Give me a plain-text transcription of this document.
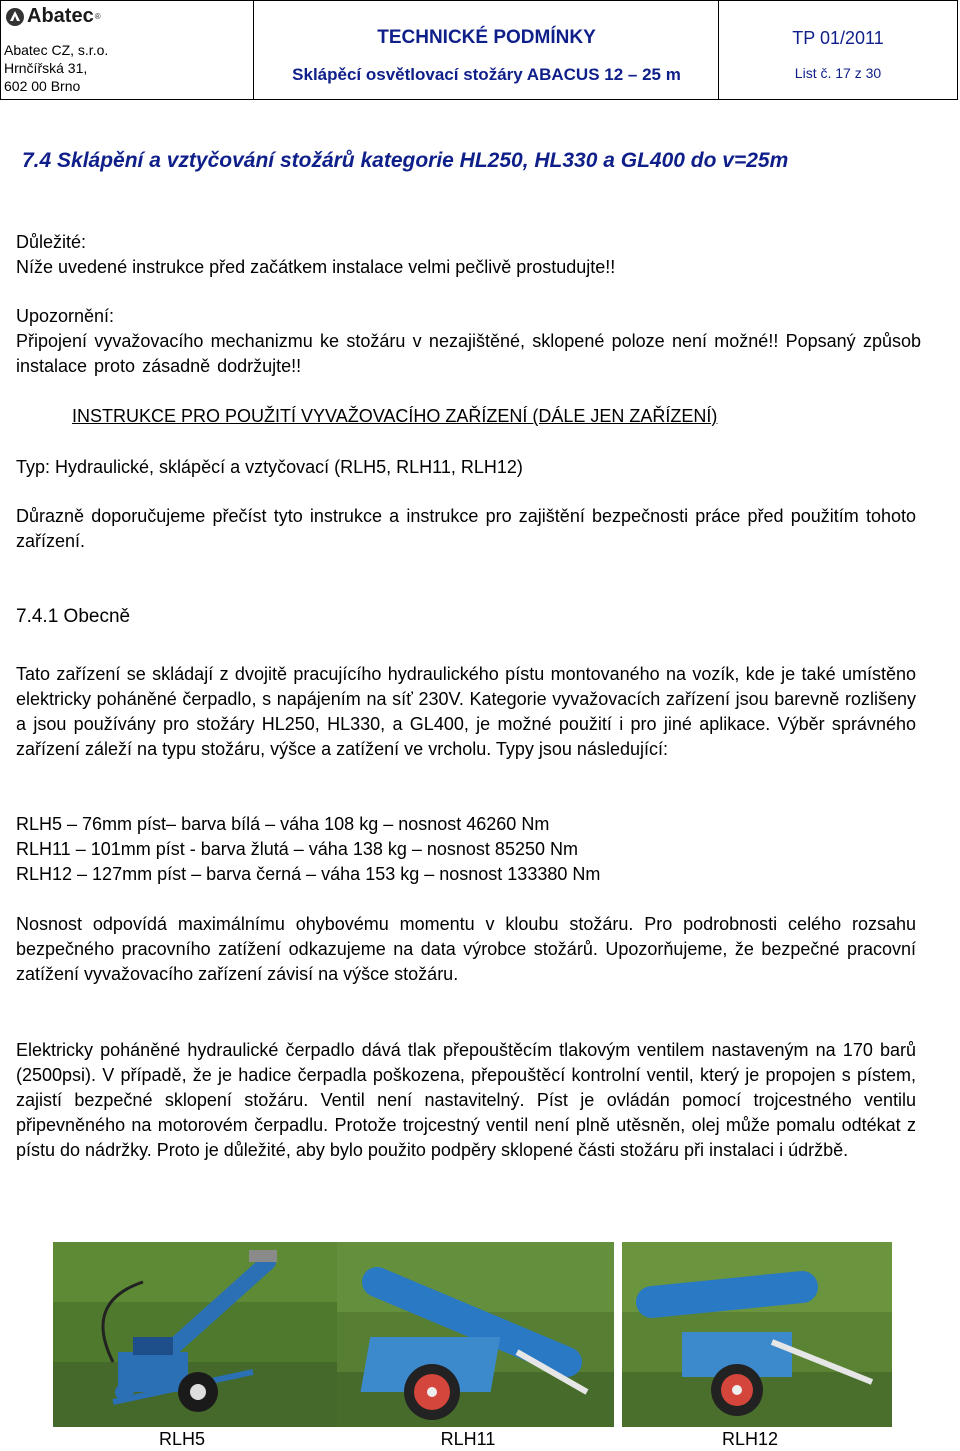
Abatec ®
Abatec CZ, s.r.o.
Hrnčířská 31,
602 00 Brno
TECHNICKÉ PODMÍNKY
Sklápěcí osvětlovací stožáry ABACUS 12 – 25 m
TP 01/2011
List č. 17 z 30
7.4 Sklápění a vztyčování stožárů kategorie HL250, HL330 a GL400 do v=25m
Důležité:
Níže uvedené instrukce před začátkem instalace velmi pečlivě prostudujte!!
Upozornění:
Připojení vyvažovacího mechanizmu ke stožáru v nezajištěné, sklopené poloze není možné!! Popsaný způsob instalace proto zásadně dodržujte!!
INSTRUKCE PRO POUŽITÍ VYVAŽOVACÍHO ZAŘÍZENÍ (DÁLE JEN ZAŘÍZENÍ)
Typ: Hydraulické, sklápěcí a vztyčovací (RLH5, RLH11, RLH12)
Důrazně doporučujeme přečíst tyto instrukce a instrukce pro zajištění bezpečnosti práce před použitím tohoto zařízení.
7.4.1 Obecně
Tato zařízení se skládají z dvojitě pracujícího hydraulického pístu montovaného na vozík, kde je také umístěno elektricky poháněné čerpadlo, s napájením na síť 230V. Kategorie vyvažovacích zařízení jsou barevně rozlišeny a jsou používány pro stožáry HL250, HL330, a GL400, je možné použití i pro jiné aplikace. Výběr správného zařízení záleží na typu stožáru, výšce a zatížení ve vrcholu. Typy jsou následující:
RLH5 – 76mm píst– barva bílá – váha 108 kg – nosnost 46260 Nm
RLH11 – 101mm píst - barva žlutá – váha 138 kg – nosnost 85250 Nm
RLH12 – 127mm píst – barva černá – váha 153 kg – nosnost 133380 Nm
Nosnost odpovídá maximálnímu ohybovému momentu v kloubu stožáru. Pro podrobnosti celého rozsahu bezpečného pracovního zatížení odkazujeme na data výrobce stožárů. Upozorňujeme, že bezpečné pracovní zatížení vyvažovacího zařízení závisí na výšce stožáru.
Elektricky poháněné hydraulické čerpadlo dává tlak přepouštěcím tlakovým ventilem nastaveným na 170 barů (2500psi). V případě, že je hadice čerpadla poškozena, přepouštěcí kontrolní ventil, který je propojen s pístem, zajistí bezpečné sklopení stožáru. Ventil není nastavitelný. Píst je ovládán pomocí trojcestného ventilu připevněného na motorovém čerpadlu. Protože trojcestný ventil není plně utěsněn, olej může pomalu odtékat z pístu do nádržky. Proto je důležité, aby bylo použito podpěry sklopené části stožáru při instalaci i údržbě.
RLH5	RLH11	RLH12
